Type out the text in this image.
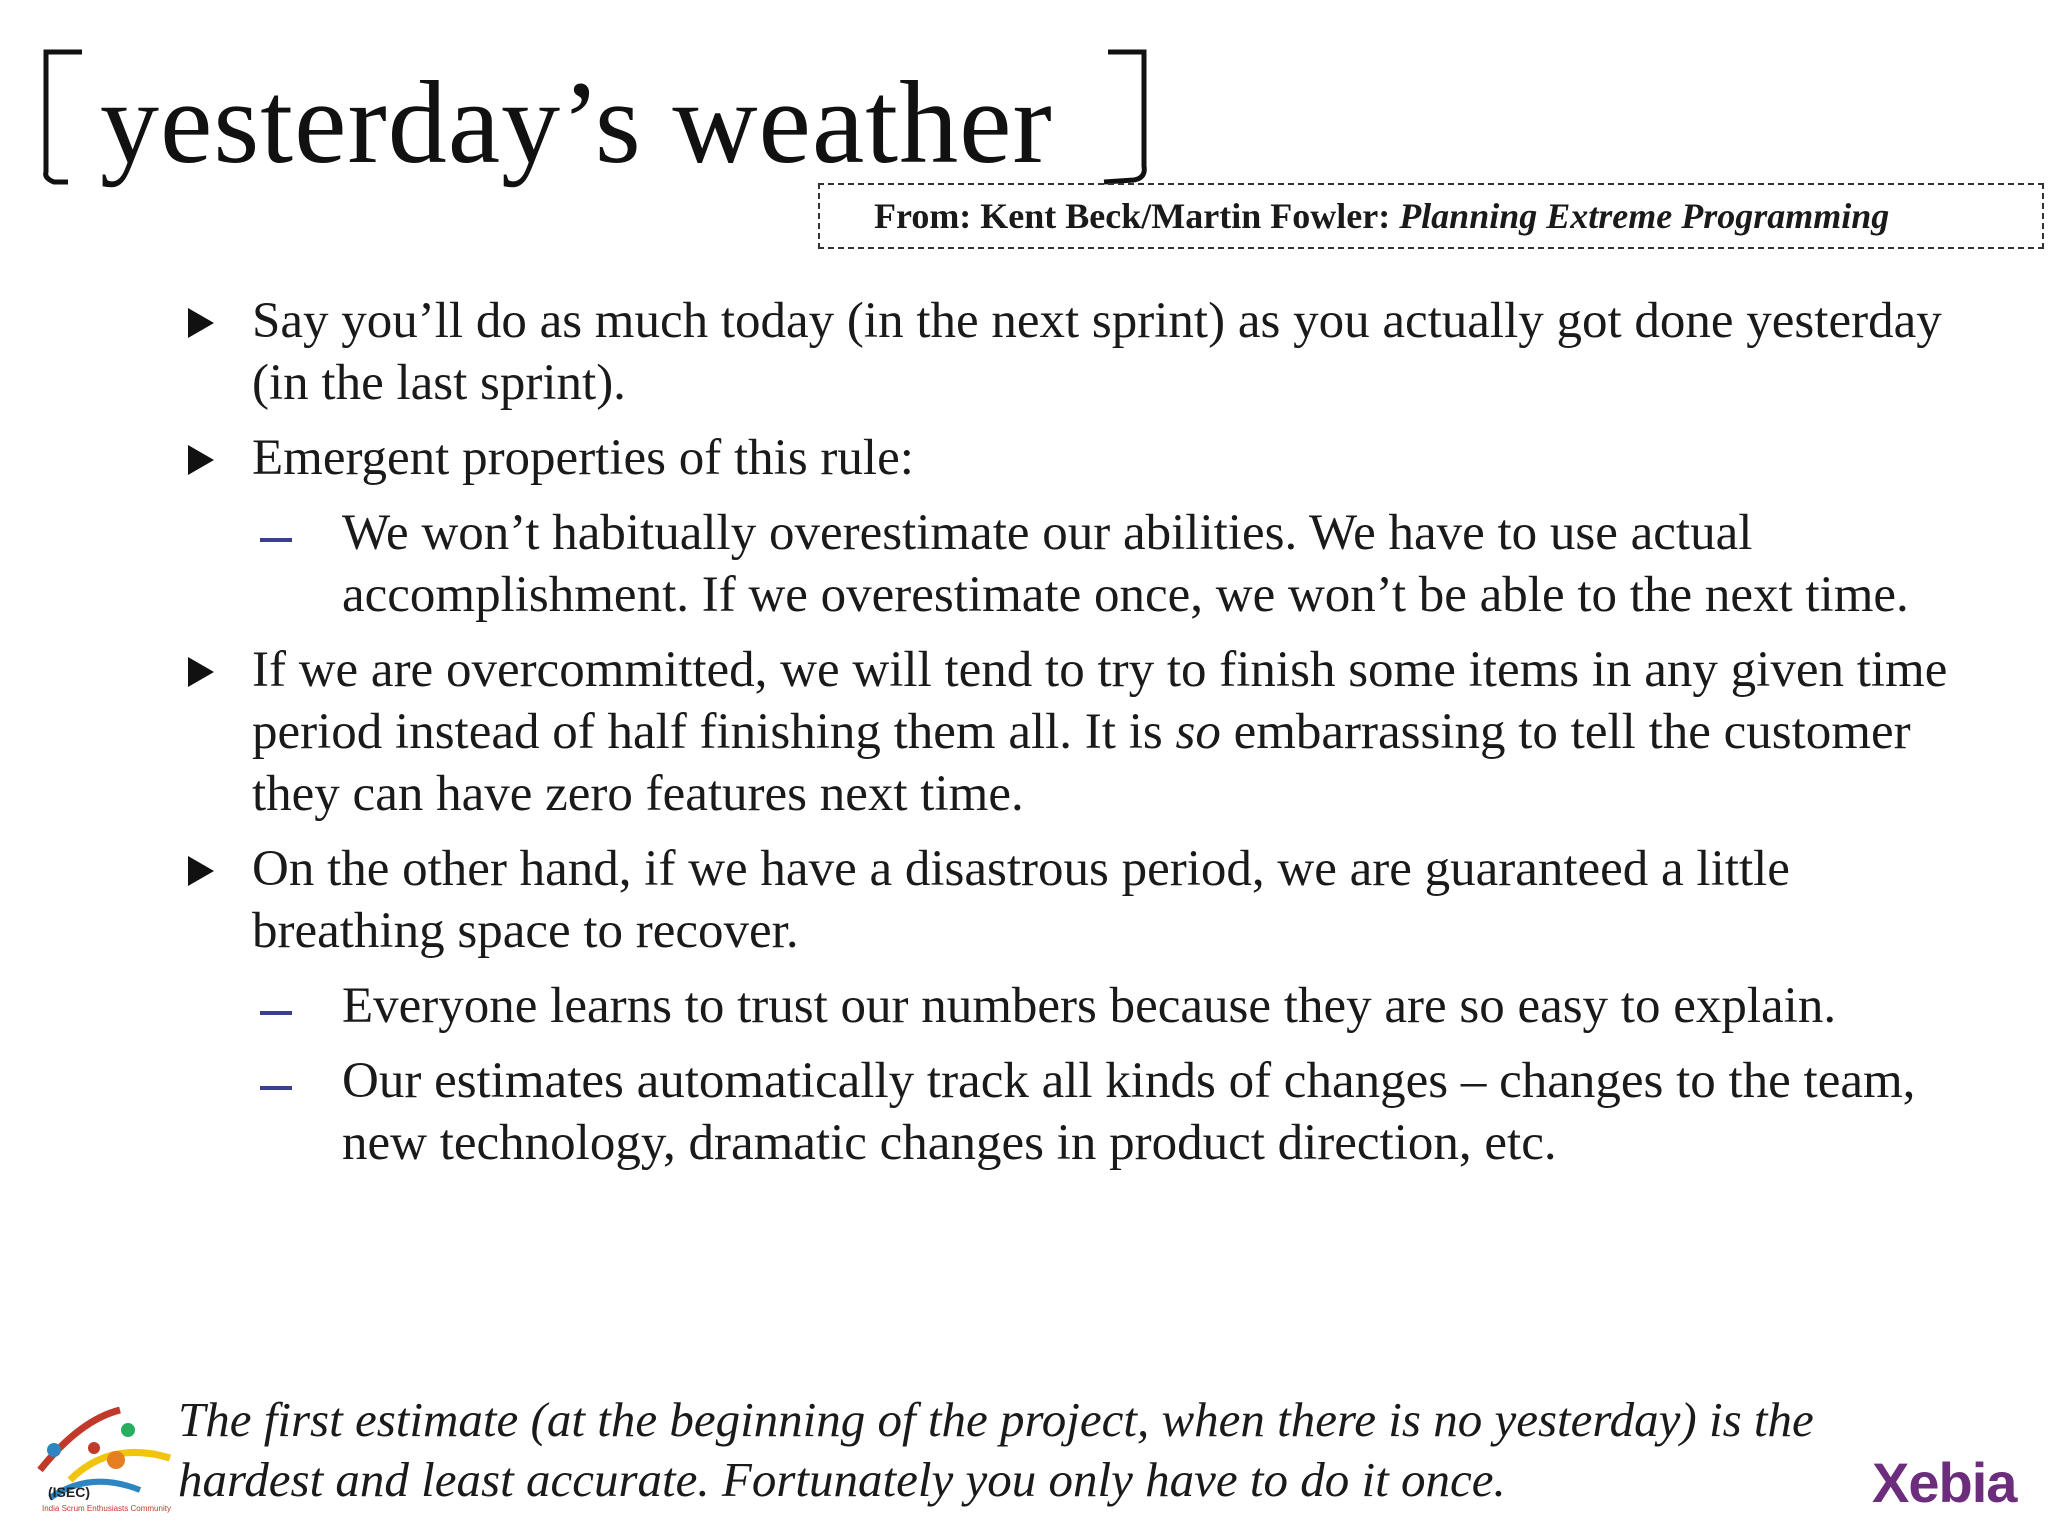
yesterday’s weather
From: Kent Beck/Martin Fowler: Planning Extreme Programming
Say you’ll do as much today (in the next sprint) as you actually got done yesterday (in the last sprint).
Emergent properties of this rule:
We won’t habitually overestimate our abilities. We have to use actual accomplishment. If we overestimate once, we won’t be able to the next time.
If we are overcommitted, we will tend to try to finish some items in any given time period instead of half finishing them all. It is so embarrassing to tell the customer they can have zero features next time.
On the other hand, if we have a disastrous period, we are guaranteed a little breathing space to recover.
Everyone learns to trust our numbers because they are so easy to explain.
Our estimates automatically track all kinds of changes – changes to the team, new technology, dramatic changes in product direction, etc.
(ISEC)
India Scrum Enthusiasts Community
The first estimate (at the beginning of the project, when there is no yesterday) is the hardest and least accurate. Fortunately you only have to do it once.	Xebia
